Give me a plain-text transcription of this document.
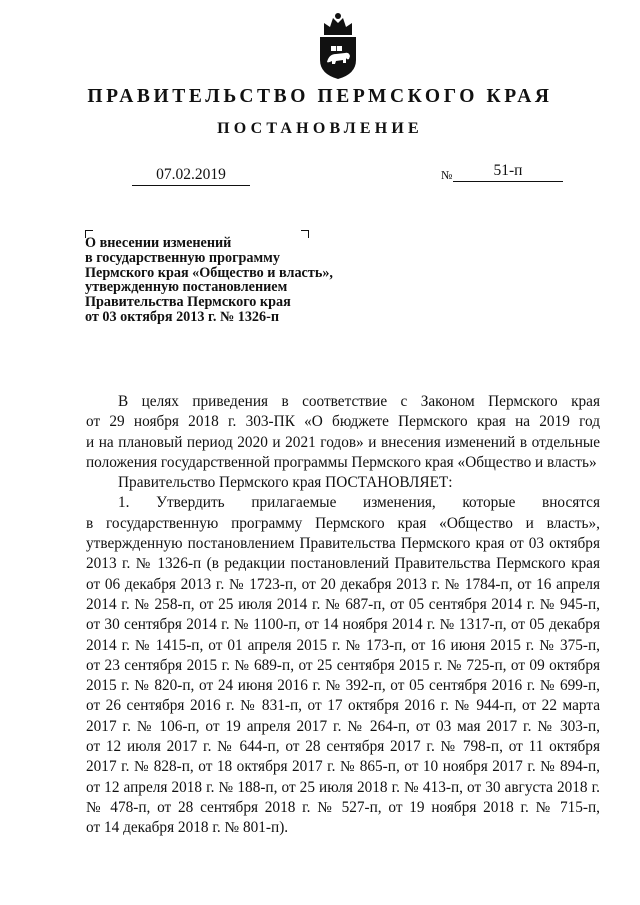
ПРАВИТЕЛЬСТВО ПЕРМСКОГО КРАЯ
ПОСТАНОВЛЕНИЕ
07.02.2019	№	51-п
О внесении изменений
в государственную программу
Пермского края «Общество и власть»,
утвержденную постановлением
Правительства Пермского края
от 03 октября 2013 г. № 1326-п
В целях приведения в соответствие с Законом Пермского края
от 29 ноября 2018 г. 303-ПК «О бюджете Пермского края на 2019 год
и на плановый период 2020 и 2021 годов» и внесения изменений в отдельные
положения государственной программы Пермского края «Общество и власть»
Правительство Пермского края ПОСТАНОВЛЯЕТ:
1. Утвердить прилагаемые изменения, которые вносятся
в государственную программу Пермского края «Общество и власть»,
утвержденную постановлением Правительства Пермского края от 03 октября
2013 г. № 1326-п (в редакции постановлений Правительства Пермского края
от 06 декабря 2013 г. № 1723-п, от 20 декабря 2013 г. № 1784-п, от 16 апреля
2014 г. № 258-п, от 25 июля 2014 г. № 687-п, от 05 сентября 2014 г. № 945-п,
от 30 сентября 2014 г. № 1100-п, от 14 ноября 2014 г. № 1317-п, от 05 декабря
2014 г. № 1415-п, от 01 апреля 2015 г. № 173-п, от 16 июня 2015 г. № 375-п,
от 23 сентября 2015 г. № 689-п, от 25 сентября 2015 г. № 725-п, от 09 октября
2015 г. № 820-п, от 24 июня 2016 г. № 392-п, от 05 сентября 2016 г. № 699-п,
от 26 сентября 2016 г. № 831-п, от 17 октября 2016 г. № 944-п, от 22 марта
2017 г. № 106-п, от 19 апреля 2017 г. № 264-п, от 03 мая 2017 г. № 303-п,
от 12 июля 2017 г. № 644-п, от 28 сентября 2017 г. № 798-п, от 11 октября
2017 г. № 828-п, от 18 октября 2017 г. № 865-п, от 10 ноября 2017 г. № 894-п,
от 12 апреля 2018 г. № 188-п, от 25 июля 2018 г. № 413-п, от 30 августа 2018 г.
№ 478-п, от 28 сентября 2018 г. № 527-п, от 19 ноября 2018 г. № 715-п,
от 14 декабря 2018 г. № 801-п).
